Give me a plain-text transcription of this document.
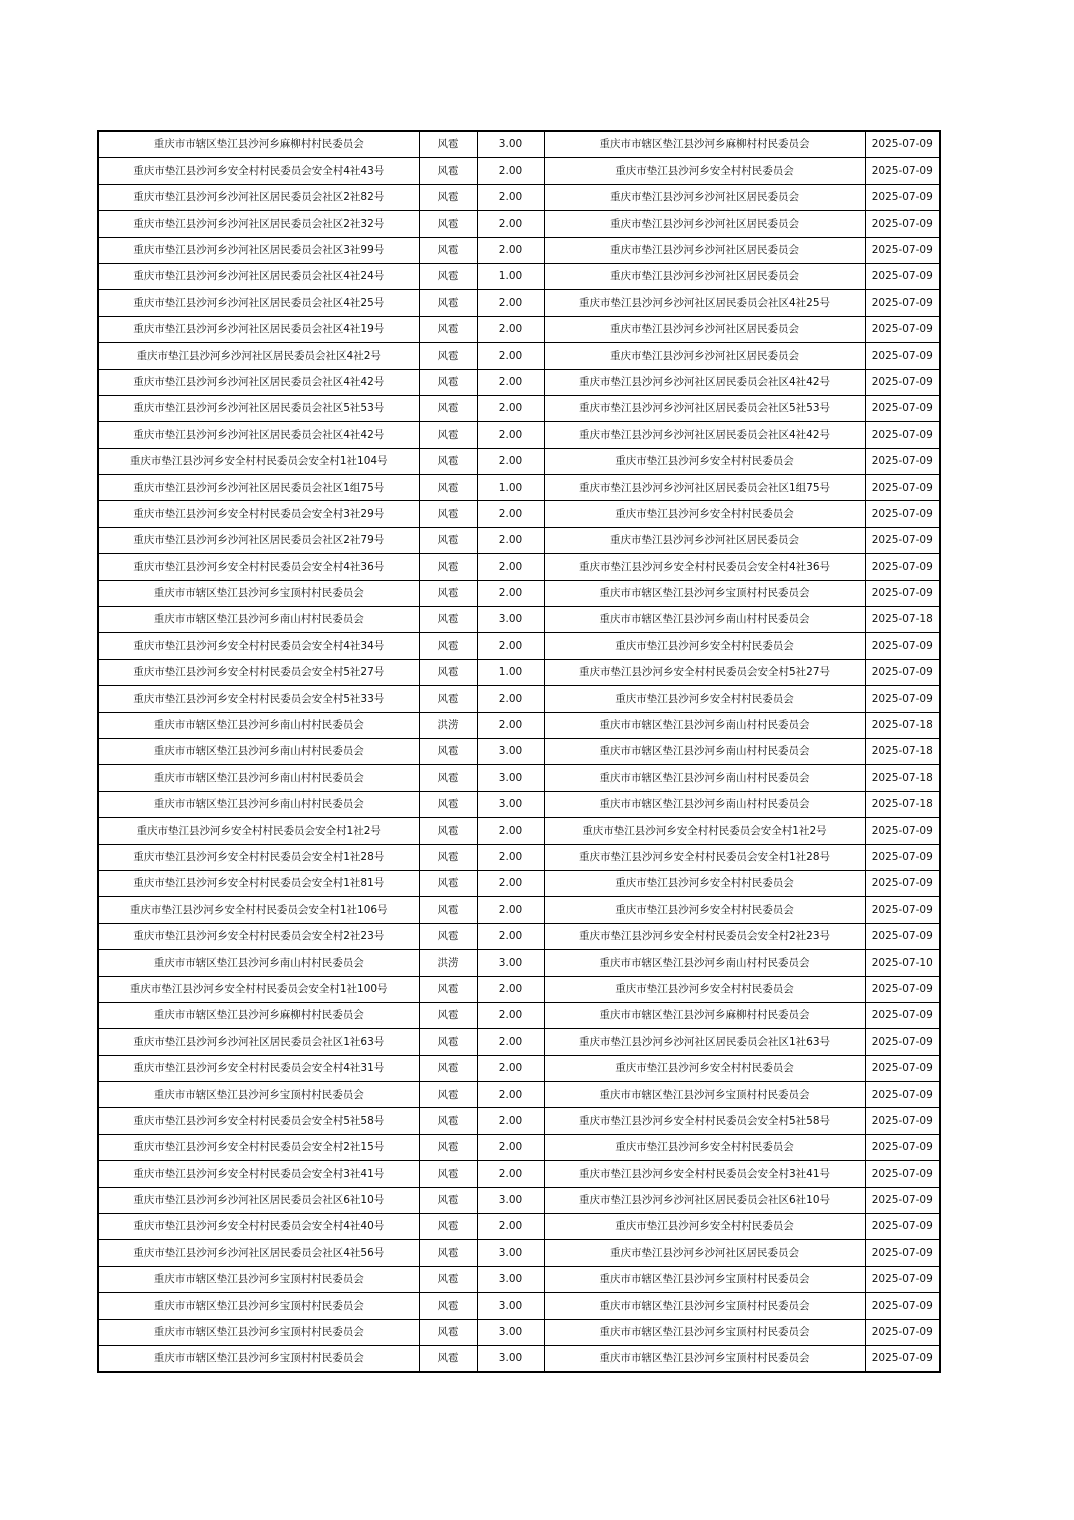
重庆市市辖区垫江县沙河乡麻柳村村民委员会	风雹	3.00	重庆市市辖区垫江县沙河乡麻柳村村民委员会	2025-07-09
重庆市垫江县沙河乡安全村村民委员会安全村4社43号	风雹	2.00	重庆市垫江县沙河乡安全村村民委员会	2025-07-09
重庆市垫江县沙河乡沙河社区居民委员会社区2社82号	风雹	2.00	重庆市垫江县沙河乡沙河社区居民委员会	2025-07-09
重庆市垫江县沙河乡沙河社区居民委员会社区2社32号	风雹	2.00	重庆市垫江县沙河乡沙河社区居民委员会	2025-07-09
重庆市垫江县沙河乡沙河社区居民委员会社区3社99号	风雹	2.00	重庆市垫江县沙河乡沙河社区居民委员会	2025-07-09
重庆市垫江县沙河乡沙河社区居民委员会社区4社24号	风雹	1.00	重庆市垫江县沙河乡沙河社区居民委员会	2025-07-09
重庆市垫江县沙河乡沙河社区居民委员会社区4社25号	风雹	2.00	重庆市垫江县沙河乡沙河社区居民委员会社区4社25号	2025-07-09
重庆市垫江县沙河乡沙河社区居民委员会社区4社19号	风雹	2.00	重庆市垫江县沙河乡沙河社区居民委员会	2025-07-09
重庆市垫江县沙河乡沙河社区居民委员会社区4社2号	风雹	2.00	重庆市垫江县沙河乡沙河社区居民委员会	2025-07-09
重庆市垫江县沙河乡沙河社区居民委员会社区4社42号	风雹	2.00	重庆市垫江县沙河乡沙河社区居民委员会社区4社42号	2025-07-09
重庆市垫江县沙河乡沙河社区居民委员会社区5社53号	风雹	2.00	重庆市垫江县沙河乡沙河社区居民委员会社区5社53号	2025-07-09
重庆市垫江县沙河乡沙河社区居民委员会社区4社42号	风雹	2.00	重庆市垫江县沙河乡沙河社区居民委员会社区4社42号	2025-07-09
重庆市垫江县沙河乡安全村村民委员会安全村1社104号	风雹	2.00	重庆市垫江县沙河乡安全村村民委员会	2025-07-09
重庆市垫江县沙河乡沙河社区居民委员会社区1组75号	风雹	1.00	重庆市垫江县沙河乡沙河社区居民委员会社区1组75号	2025-07-09
重庆市垫江县沙河乡安全村村民委员会安全村3社29号	风雹	2.00	重庆市垫江县沙河乡安全村村民委员会	2025-07-09
重庆市垫江县沙河乡沙河社区居民委员会社区2社79号	风雹	2.00	重庆市垫江县沙河乡沙河社区居民委员会	2025-07-09
重庆市垫江县沙河乡安全村村民委员会安全村4社36号	风雹	2.00	重庆市垫江县沙河乡安全村村民委员会安全村4社36号	2025-07-09
重庆市市辖区垫江县沙河乡宝顶村村民委员会	风雹	2.00	重庆市市辖区垫江县沙河乡宝顶村村民委员会	2025-07-09
重庆市市辖区垫江县沙河乡南山村村民委员会	风雹	3.00	重庆市市辖区垫江县沙河乡南山村村民委员会	2025-07-18
重庆市垫江县沙河乡安全村村民委员会安全村4社34号	风雹	2.00	重庆市垫江县沙河乡安全村村民委员会	2025-07-09
重庆市垫江县沙河乡安全村村民委员会安全村5社27号	风雹	1.00	重庆市垫江县沙河乡安全村村民委员会安全村5社27号	2025-07-09
重庆市垫江县沙河乡安全村村民委员会安全村5社33号	风雹	2.00	重庆市垫江县沙河乡安全村村民委员会	2025-07-09
重庆市市辖区垫江县沙河乡南山村村民委员会	洪涝	2.00	重庆市市辖区垫江县沙河乡南山村村民委员会	2025-07-18
重庆市市辖区垫江县沙河乡南山村村民委员会	风雹	3.00	重庆市市辖区垫江县沙河乡南山村村民委员会	2025-07-18
重庆市市辖区垫江县沙河乡南山村村民委员会	风雹	3.00	重庆市市辖区垫江县沙河乡南山村村民委员会	2025-07-18
重庆市市辖区垫江县沙河乡南山村村民委员会	风雹	3.00	重庆市市辖区垫江县沙河乡南山村村民委员会	2025-07-18
重庆市垫江县沙河乡安全村村民委员会安全村1社2号	风雹	2.00	重庆市垫江县沙河乡安全村村民委员会安全村1社2号	2025-07-09
重庆市垫江县沙河乡安全村村民委员会安全村1社28号	风雹	2.00	重庆市垫江县沙河乡安全村村民委员会安全村1社28号	2025-07-09
重庆市垫江县沙河乡安全村村民委员会安全村1社81号	风雹	2.00	重庆市垫江县沙河乡安全村村民委员会	2025-07-09
重庆市垫江县沙河乡安全村村民委员会安全村1社106号	风雹	2.00	重庆市垫江县沙河乡安全村村民委员会	2025-07-09
重庆市垫江县沙河乡安全村村民委员会安全村2社23号	风雹	2.00	重庆市垫江县沙河乡安全村村民委员会安全村2社23号	2025-07-09
重庆市市辖区垫江县沙河乡南山村村民委员会	洪涝	3.00	重庆市市辖区垫江县沙河乡南山村村民委员会	2025-07-10
重庆市垫江县沙河乡安全村村民委员会安全村1社100号	风雹	2.00	重庆市垫江县沙河乡安全村村民委员会	2025-07-09
重庆市市辖区垫江县沙河乡麻柳村村民委员会	风雹	2.00	重庆市市辖区垫江县沙河乡麻柳村村民委员会	2025-07-09
重庆市垫江县沙河乡沙河社区居民委员会社区1社63号	风雹	2.00	重庆市垫江县沙河乡沙河社区居民委员会社区1社63号	2025-07-09
重庆市垫江县沙河乡安全村村民委员会安全村4社31号	风雹	2.00	重庆市垫江县沙河乡安全村村民委员会	2025-07-09
重庆市市辖区垫江县沙河乡宝顶村村民委员会	风雹	2.00	重庆市市辖区垫江县沙河乡宝顶村村民委员会	2025-07-09
重庆市垫江县沙河乡安全村村民委员会安全村5社58号	风雹	2.00	重庆市垫江县沙河乡安全村村民委员会安全村5社58号	2025-07-09
重庆市垫江县沙河乡安全村村民委员会安全村2社15号	风雹	2.00	重庆市垫江县沙河乡安全村村民委员会	2025-07-09
重庆市垫江县沙河乡安全村村民委员会安全村3社41号	风雹	2.00	重庆市垫江县沙河乡安全村村民委员会安全村3社41号	2025-07-09
重庆市垫江县沙河乡沙河社区居民委员会社区6社10号	风雹	3.00	重庆市垫江县沙河乡沙河社区居民委员会社区6社10号	2025-07-09
重庆市垫江县沙河乡安全村村民委员会安全村4社40号	风雹	2.00	重庆市垫江县沙河乡安全村村民委员会	2025-07-09
重庆市垫江县沙河乡沙河社区居民委员会社区4社56号	风雹	3.00	重庆市垫江县沙河乡沙河社区居民委员会	2025-07-09
重庆市市辖区垫江县沙河乡宝顶村村民委员会	风雹	3.00	重庆市市辖区垫江县沙河乡宝顶村村民委员会	2025-07-09
重庆市市辖区垫江县沙河乡宝顶村村民委员会	风雹	3.00	重庆市市辖区垫江县沙河乡宝顶村村民委员会	2025-07-09
重庆市市辖区垫江县沙河乡宝顶村村民委员会	风雹	3.00	重庆市市辖区垫江县沙河乡宝顶村村民委员会	2025-07-09
重庆市市辖区垫江县沙河乡宝顶村村民委员会	风雹	3.00	重庆市市辖区垫江县沙河乡宝顶村村民委员会	2025-07-09
